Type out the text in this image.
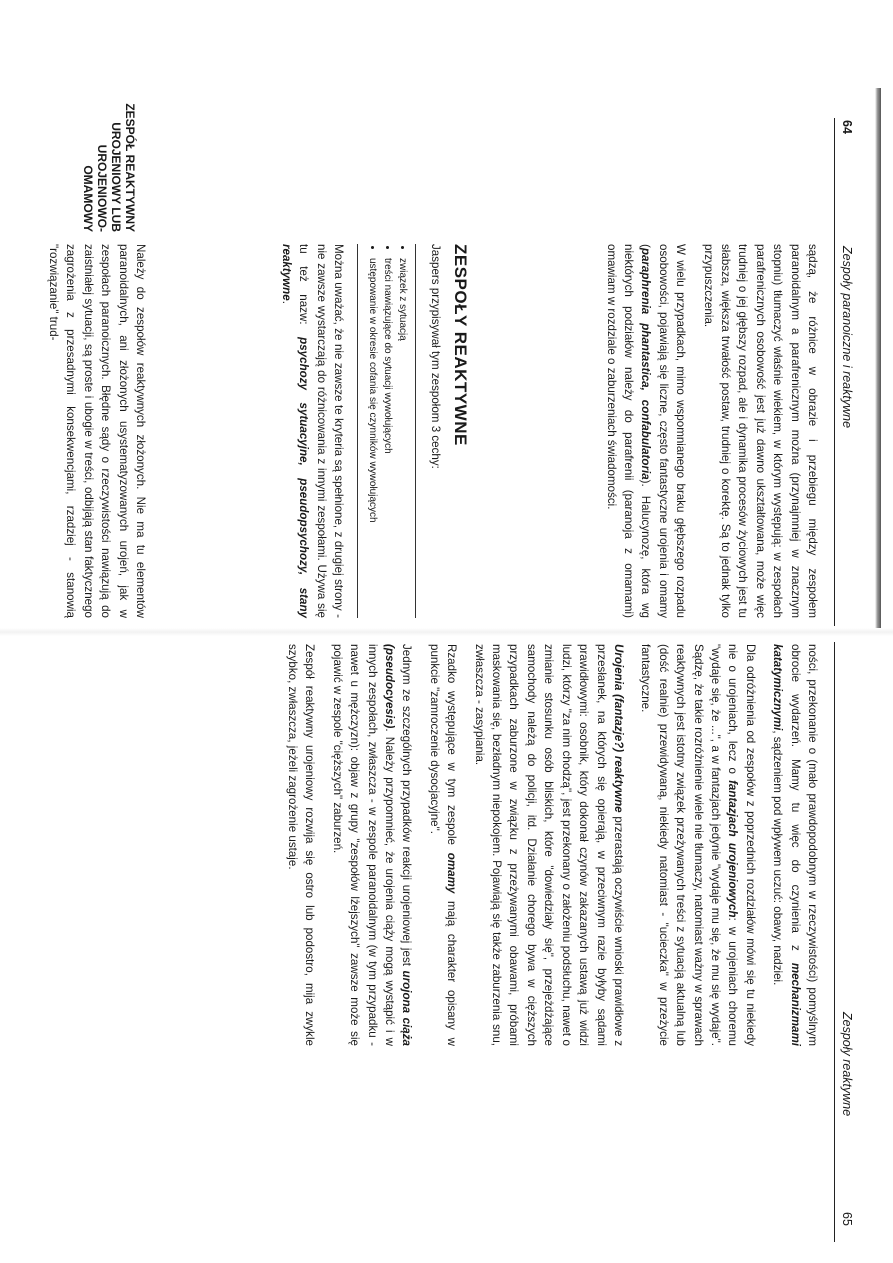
64
Zespoły paranoiczne i reaktywne

sądzą, że różnice w obrazie i przebiegu między zespołem paranoidalnym a parafrenicznym można (przynajmniej w znacznym stopniu) tłumaczyć właśnie wiekiem, w którym występują: w zespołach parafrenicznych osobowość jest już dawno ukształtowana, może więc trudniej o jej głębszy rozpad, ale i dynamika procesów życiowych jest tu słabsza, większa trwałość postaw, trudniej o korektę. Są to jednak tylko przypuszczenia.

W wielu przypadkach, mimo wspomnianego braku głębszego rozpadu osobowości, pojawiają się liczne, często fantastyczne urojenia i omamy (paraphrenia phantastica, confabulatoria). Halucynozę, która wg niektórych podziałów należy do parafrenii (paranoja z omamami) omawiam w rozdziale o zaburzeniach świadomości.

ZESPOŁY REAKTYWNE

Jaspers przypisywał tym zespołom 3 cechy:

• związek z sytuacją
• treści nawiązujące do sytuacji wywołujących
• ustępowanie w okresie cofania się czynników wywołujących

Można uważać, że nie zawsze te kryteria są spełnione, z drugiej strony - nie zawsze wystarczają do różnicowania z innymi zespołami. Używa się tu też nazw: psychozy sytuacyjne, pseudopsychozy, stany reaktywne.

ZESPÓŁ REAKTYWNY UROJENIOWY LUB UROJENIOWO-OMAMOWY
Należy do zespołów reaktywnych złożonych. Nie ma tu elementów paranoidalnych, ani złożonych usystematyzowanych urojeń, jak w zespołach paranoicznych. Błędne sądy o rzeczywistości nawiązują do zaistniałej sytuacji, są proste i ubogie w treści, odbijają stan faktycznego zagrożenia z przesadnymi konsekwencjami, rzadziej - stanowią "rozwiązanie" trud-
Zespoły reaktywne
65

ności, przekonanie o (mało prawdopodobnym w rzeczywistości) pomyślnym obrocie wydarzeń. Mamy tu więc do czynienia z mechanizmami katatymicznymi, sądzeniem pod wpływem uczuć: obawy, nadziei.

Dla odróżnienia od zespołów z poprzednich rozdziałów mówi się tu niekiedy nie o urojeniach, lecz o fantazjach urojeniowych: w urojeniach choremu "wydaje się, że ...", a w fantazjach jedynie "wydaje mu się, że mu się wydaje". Sądzę, że takie rozróżnienie wiele nie tłumaczy, natomiast ważny w sprawach reaktywnych jest istotny związek przeżywanych treści z sytuacją aktualną lub (dość realnie) przewidywaną, niekiedy natomiast - "ucieczka" w przeżycie fantastyczne.

Urojenia (fantazje?) reaktywne przerastają oczywiście wnioski prawidłowe z przesłanek, na których się opierają, w przeciwnym razie byłyby sądami prawidłowymi: osobnik, który dokonał czynów zakazanych ustawą już widzi ludzi, którzy "za nim chodzą", jest przekonany o założeniu podsłuchu, nawet o zmianie stosunku osób bliskich, które "dowiedziały się", przejeżdżające samochody należą do policji, itd. Działanie chorego bywa w cięższych przypadkach zaburzone w związku z przeżywanymi obawami, próbami maskowania się, bezładnym niepokojem. Pojawiają się także zaburzenia snu, zwłaszcza - zasypiania.

Rzadko występujące w tym zespole omamy mają charakter opisany w punkcie "zamroczenie dysocjacyjne".

Jednym ze szczególnych przypadków reakcji urojeniowej jest urojona ciąża (pseudocyesis). Należy przypomnieć, że urojenia ciąży mogą wystąpić i w innych zespołach, zwłaszcza - w zespole paranoidalnym (w tym przypadku - nawet u mężczyzn): objaw z grupy "zespołów lżejszych" zawsze może się pojawić w zespole "cięższych" zaburzeń.

Zespół reaktywny urojeniowy rozwija się ostro lub podostro, mija zwykle szybko, zwłaszcza, jeżeli zagrożenie ustaje.
